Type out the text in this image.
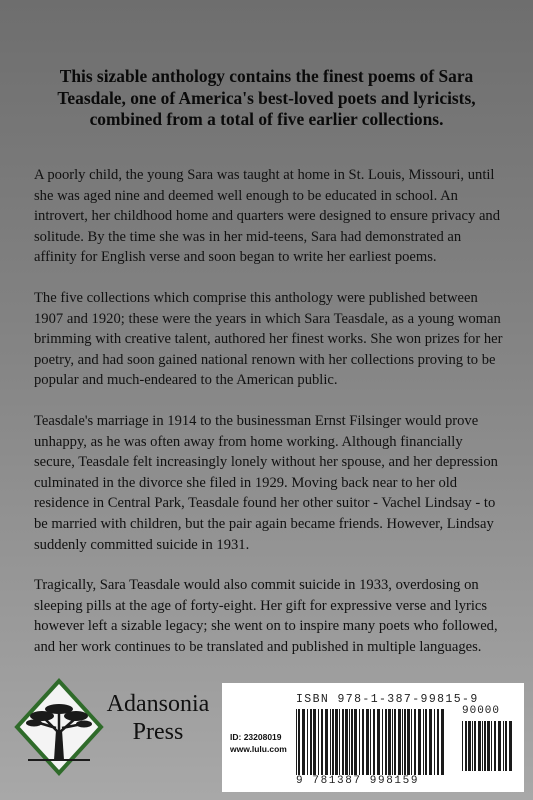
This sizable anthology contains the finest poems of Sara Teasdale, one of America's best-loved poets and lyricists, combined from a total of five earlier collections.

A poorly child, the young Sara was taught at home in St. Louis, Missouri, until she was aged nine and deemed well enough to be educated in school. An introvert, her childhood home and quarters were designed to ensure privacy and solitude. By the time she was in her mid-teens, Sara had demonstrated an affinity for English verse and soon began to write her earliest poems.

The five collections which comprise this anthology were published between 1907 and 1920; these were the years in which Sara Teasdale, as a young woman brimming with creative talent, authored her finest works. She won prizes for her poetry, and had soon gained national renown with her collections proving to be popular and much-endeared to the American public.

Teasdale's marriage in 1914 to the businessman Ernst Filsinger would prove unhappy, as he was often away from home working. Although financially secure, Teasdale felt increasingly lonely without her spouse, and her depression culminated in the divorce she filed in 1929. Moving back near to her old residence in Central Park, Teasdale found her other suitor - Vachel Lindsay - to be married with children, but the pair again became friends. However, Lindsay suddenly committed suicide in 1931.

Tragically, Sara Teasdale would also commit suicide in 1933, overdosing on sleeping pills at the age of forty-eight. Her gift for expressive verse and lyrics however left a sizable legacy; she went on to inspire many poets who followed, and her work continues to be translated and published in multiple languages.

Adansonia
Press
ISBN 978-1-387-99815-9
ID: 23208019
www.lulu.com
90000
9 781387 998159
